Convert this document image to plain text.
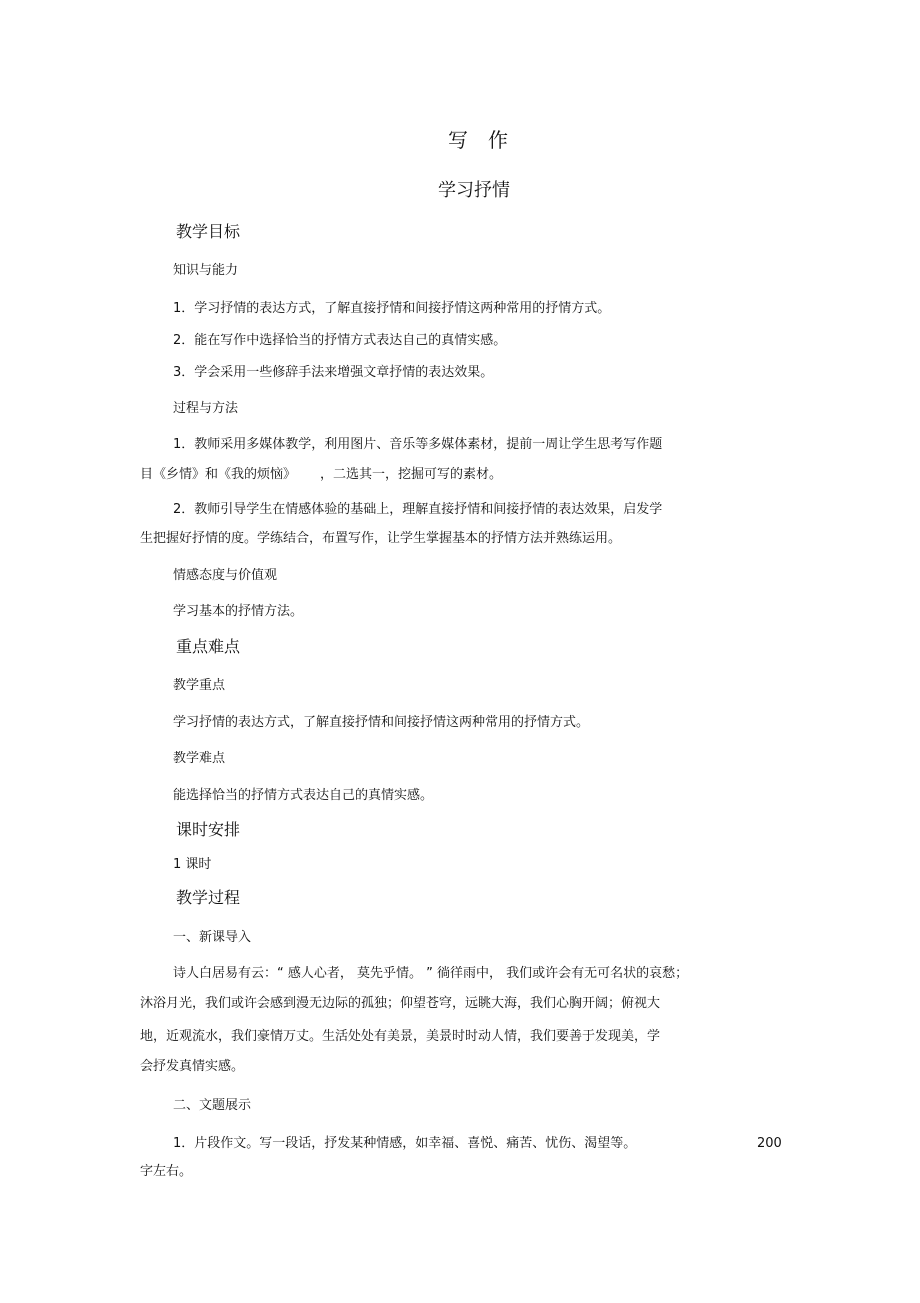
写　作
学习抒情
教学目标
知识与能力
1．学习抒情的表达方式，了解直接抒情和间接抒情这两种常用的抒情方式。
2．能在写作中选择恰当的抒情方式表达自己的真情实感。
3．学会采用一些修辞手法来增强文章抒情的表达效果。
过程与方法
1．教师采用多媒体教学，利用图片、音乐等多媒体素材，提前一周让学生思考写作题
目《乡情》和《我的烦恼》 ，二选其一，挖掘可写的素材。
2．教师引导学生在情感体验的基础上，理解直接抒情和间接抒情的表达效果，启发学
生把握好抒情的度。学练结合，布置写作，让学生掌握基本的抒情方法并熟练运用。
情感态度与价值观
学习基本的抒情方法。
重点难点
教学重点
学习抒情的表达方式，了解直接抒情和间接抒情这两种常用的抒情方式。
教学难点
能选择恰当的抒情方式表达自己的真情实感。
课时安排
1 课时
教学过程
一、新课导入
诗人白居易有云：“ 感人心者， 莫先乎情。 ” 徜徉雨中， 我们或许会有无可名状的哀愁；
沐浴月光，我们或许会感到漫无边际的孤独；仰望苍穹，远眺大海，我们心胸开阔；俯视大
地，近观流水，我们豪情万丈。生活处处有美景，美景时时动人情，我们要善于发现美，学
会抒发真情实感。
二、文题展示
1．片段作文。写一段话，抒发某种情感，如幸福、喜悦、痛苦、忧伤、渴望等。	200
字左右。
